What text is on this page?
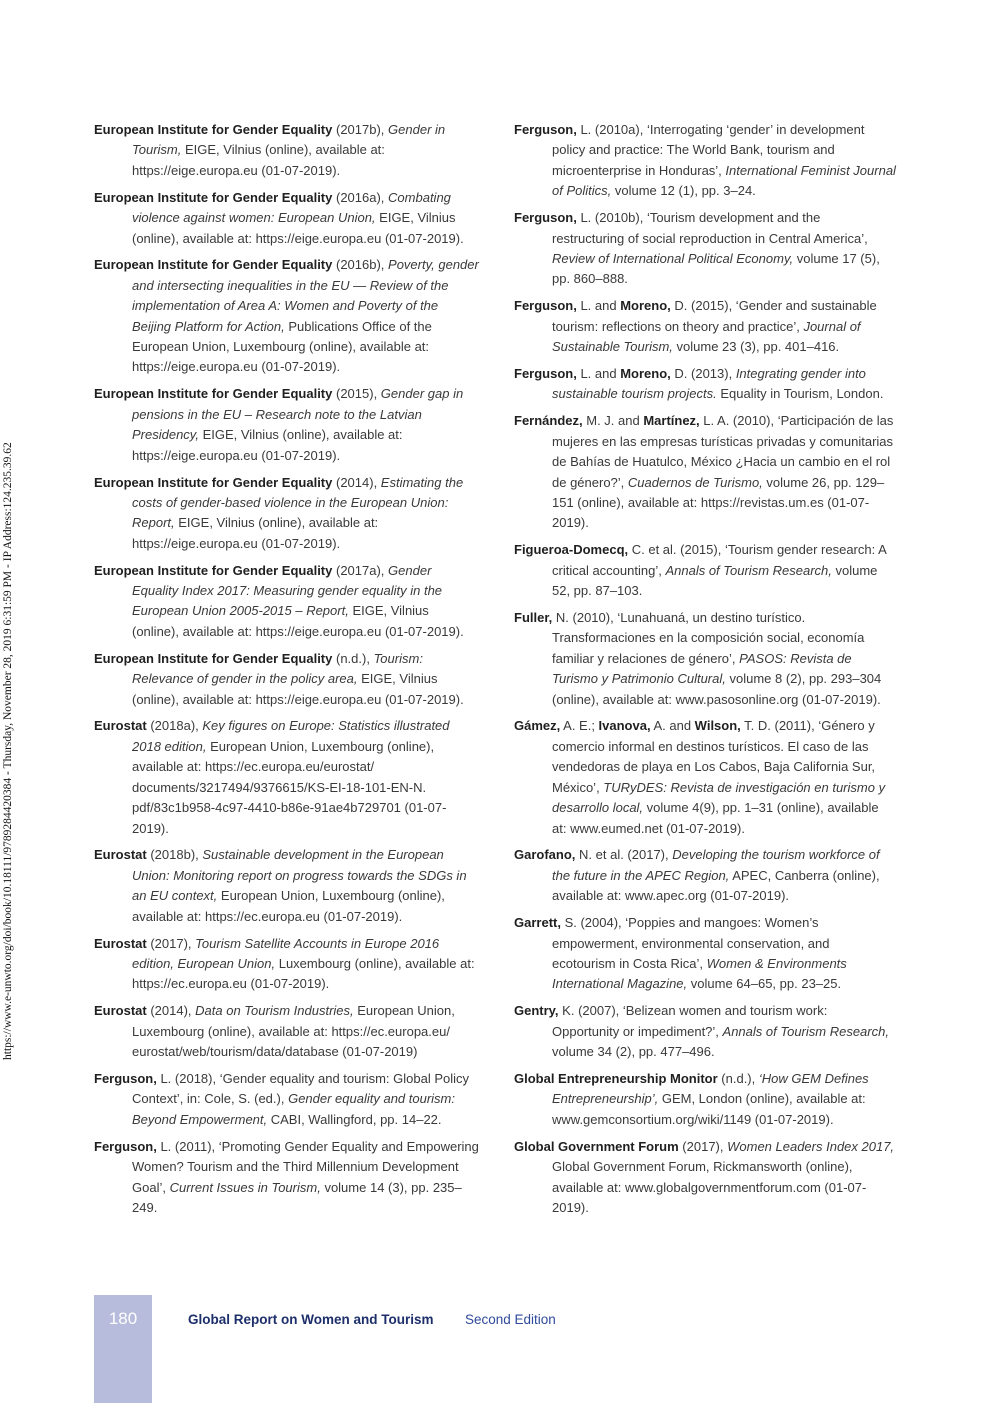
https://www.e-unwto.org/doi/book/10.18111/9789284420384 - Thursday, November 28, 2019 6:31:59 PM - IP Address:124.235.39.62

European Institute for Gender Equality (2017b), Gender in Tourism, EIGE, Vilnius (online), available at: https://eige.europa.eu (01-07-2019).

European Institute for Gender Equality (2016a), Combating violence against women: European Union, EIGE, Vilnius (online), available at: https://eige.europa.eu (01-07-2019).

European Institute for Gender Equality (2016b), Poverty, gender and intersecting inequalities in the EU — Review of the implementation of Area A: Women and Poverty of the Beijing Platform for Action, Publications Office of the European Union, Luxembourg (online), available at: https://eige.europa.eu (01-07-2019).

European Institute for Gender Equality (2015), Gender gap in pensions in the EU – Research note to the Latvian Presidency, EIGE, Vilnius (online), available at: https://eige.europa.eu (01-07-2019).

European Institute for Gender Equality (2014), Estimating the costs of gender-based violence in the European Union: Report, EIGE, Vilnius (online), available at: https://eige.europa.eu (01-07-2019).

European Institute for Gender Equality (2017a), Gender Equality Index 2017: Measuring gender equality in the European Union 2005-2015 – Report, EIGE, Vilnius (online), available at: https://eige.europa.eu (01-07-2019).

European Institute for Gender Equality (n.d.), Tourism: Relevance of gender in the policy area, EIGE, Vilnius (online), available at: https://eige.europa.eu (01-07-2019).

Eurostat (2018a), Key figures on Europe: Statistics illustrated 2018 edition, European Union, Luxembourg (online), available at: https://ec.europa.eu/eurostat/ documents/3217494/9376615/KS-EI-18-101-EN-N. pdf/83c1b958-4c97-4410-b86e-91ae4b729701 (01-07-2019).

Eurostat (2018b), Sustainable development in the European Union: Monitoring report on progress towards the SDGs in an EU context, European Union, Luxembourg (online), available at: https://ec.europa.eu (01-07-2019).

Eurostat (2017), Tourism Satellite Accounts in Europe 2016 edition, European Union, Luxembourg (online), available at: https://ec.europa.eu (01-07-2019).

Eurostat (2014), Data on Tourism Industries, European Union, Luxembourg (online), available at: https://ec.europa.eu/ eurostat/web/tourism/data/database (01-07-2019)

Ferguson, L. (2018), ‘Gender equality and tourism: Global Policy Context’, in: Cole, S. (ed.), Gender equality and tourism: Beyond Empowerment, CABI, Wallingford, pp. 14–22.

Ferguson, L. (2011), ‘Promoting Gender Equality and Empowering Women? Tourism and the Third Millennium Development Goal’, Current Issues in Tourism, volume 14 (3), pp. 235–249.

Ferguson, L. (2010a), ‘Interrogating ‘gender’ in development policy and practice: The World Bank, tourism and microenterprise in Honduras’, International Feminist Journal of Politics, volume 12 (1), pp. 3–24.

Ferguson, L. (2010b), ‘Tourism development and the restructuring of social reproduction in Central America’, Review of International Political Economy, volume 17 (5), pp. 860–888.

Ferguson, L. and Moreno, D. (2015), ‘Gender and sustainable tourism: reflections on theory and practice’, Journal of Sustainable Tourism, volume 23 (3), pp. 401–416.

Ferguson, L. and Moreno, D. (2013), Integrating gender into sustainable tourism projects. Equality in Tourism, London.

Fernández, M. J. and Martínez, L. A. (2010), ‘Participación de las mujeres en las empresas turísticas privadas y comunitarias de Bahías de Huatulco, México ¿Hacia un cambio en el rol de género?’, Cuadernos de Turismo, volume 26, pp. 129–151 (online), available at: https://revistas.um.es (01-07-2019).

Figueroa-Domecq, C. et al. (2015), ‘Tourism gender research: A critical accounting’, Annals of Tourism Research, volume 52, pp. 87–103.

Fuller, N. (2010), ‘Lunahuaná, un destino turístico. Transformaciones en la composición social, economía familiar y relaciones de género’, PASOS: Revista de Turismo y Patrimonio Cultural, volume 8 (2), pp. 293–304 (online), available at: www.pasosonline.org (01-07-2019).

Gámez, A. E.; Ivanova, A. and Wilson, T. D. (2011), ‘Género y comercio informal en destinos turísticos. El caso de las vendedoras de playa en Los Cabos, Baja California Sur, México’, TURyDES: Revista de investigación en turismo y desarrollo local, volume 4(9), pp. 1–31 (online), available at: www.eumed.net (01-07-2019).

Garofano, N. et al. (2017), Developing the tourism workforce of the future in the APEC Region, APEC, Canberra (online), available at: www.apec.org (01-07-2019).

Garrett, S. (2004), ‘Poppies and mangoes: Women’s empowerment, environmental conservation, and ecotourism in Costa Rica’, Women & Environments International Magazine, volume 64–65, pp. 23–25.

Gentry, K. (2007), ‘Belizean women and tourism work: Opportunity or impediment?’, Annals of Tourism Research, volume 34 (2), pp. 477–496.

Global Entrepreneurship Monitor (n.d.), ‘How GEM Defines Entrepreneurship’, GEM, London (online), available at: www.gemconsortium.org/wiki/1149 (01-07-2019).

Global Government Forum (2017), Women Leaders Index 2017, Global Government Forum, Rickmansworth (online), available at: www.globalgovernmentforum.com (01-07-2019).

180	Global Report on Women and Tourism Second Edition
